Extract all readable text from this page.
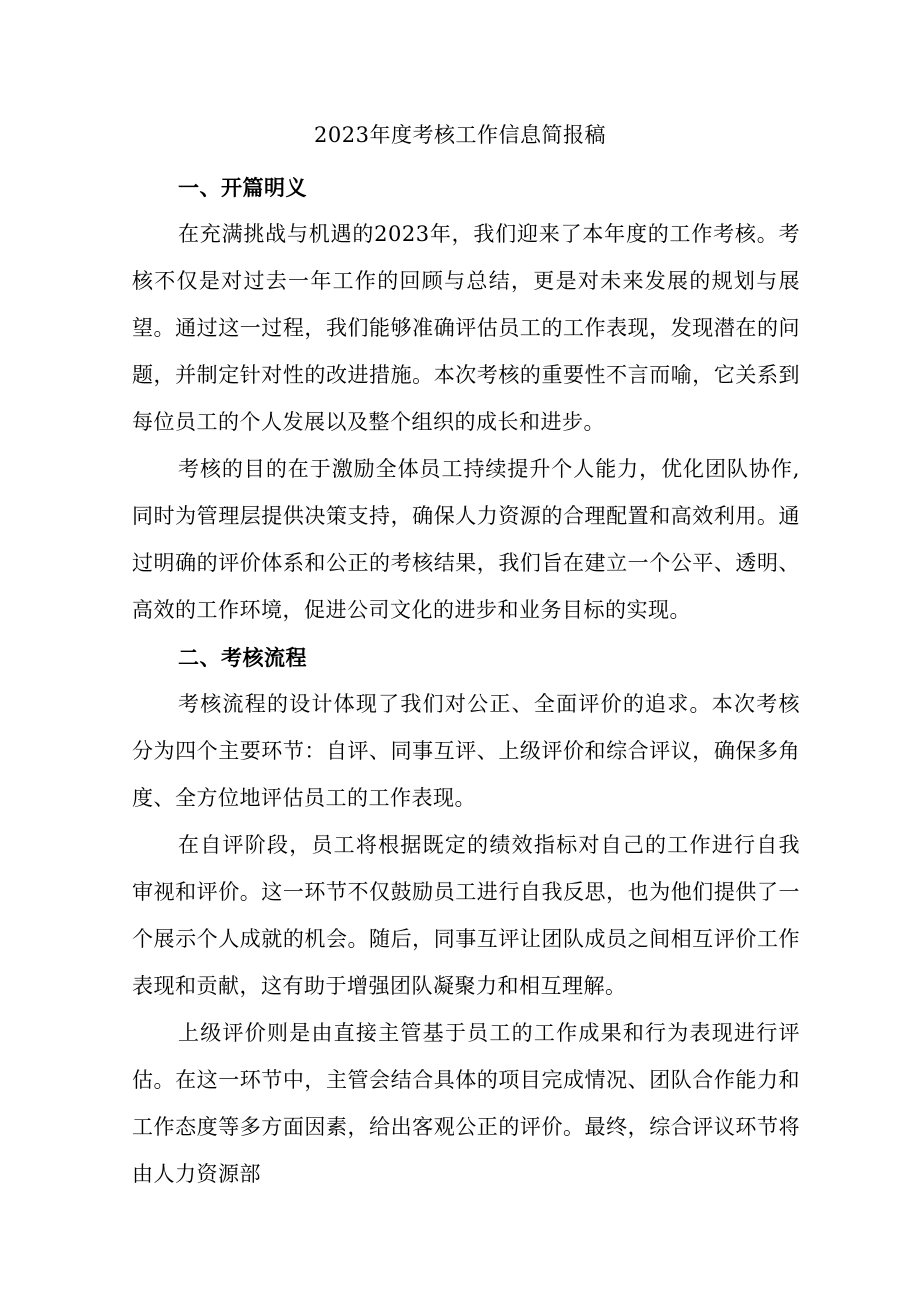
2023年度考核工作信息简报稿
一、开篇明义

在充满挑战与机遇的2023年，我们迎来了本年度的工作考核。考核不仅是对过去一年工作的回顾与总结，更是对未来发展的规划与展望。通过这一过程，我们能够准确评估员工的工作表现，发现潜在的问题，并制定针对性的改进措施。本次考核的重要性不言而喻，它关系到每位员工的个人发展以及整个组织的成长和进步。

考核的目的在于激励全体员工持续提升个人能力，优化团队协作,同时为管理层提供决策支持，确保人力资源的合理配置和高效利用。通过明确的评价体系和公正的考核结果，我们旨在建立一个公平、透明、高效的工作环境，促进公司文化的进步和业务目标的实现。

二、考核流程

考核流程的设计体现了我们对公正、全面评价的追求。本次考核分为四个主要环节：自评、同事互评、上级评价和综合评议，确保多角度、全方位地评估员工的工作表现。

在自评阶段，员工将根据既定的绩效指标对自己的工作进行自我审视和评价。这一环节不仅鼓励员工进行自我反思，也为他们提供了一个展示个人成就的机会。随后，同事互评让团队成员之间相互评价工作表现和贡献，这有助于增强团队凝聚力和相互理解。

上级评价则是由直接主管基于员工的工作成果和行为表现进行评估。在这一环节中，主管会结合具体的项目完成情况、团队合作能力和工作态度等多方面因素，给出客观公正的评价。最终，综合评议环节将由人力资源部
